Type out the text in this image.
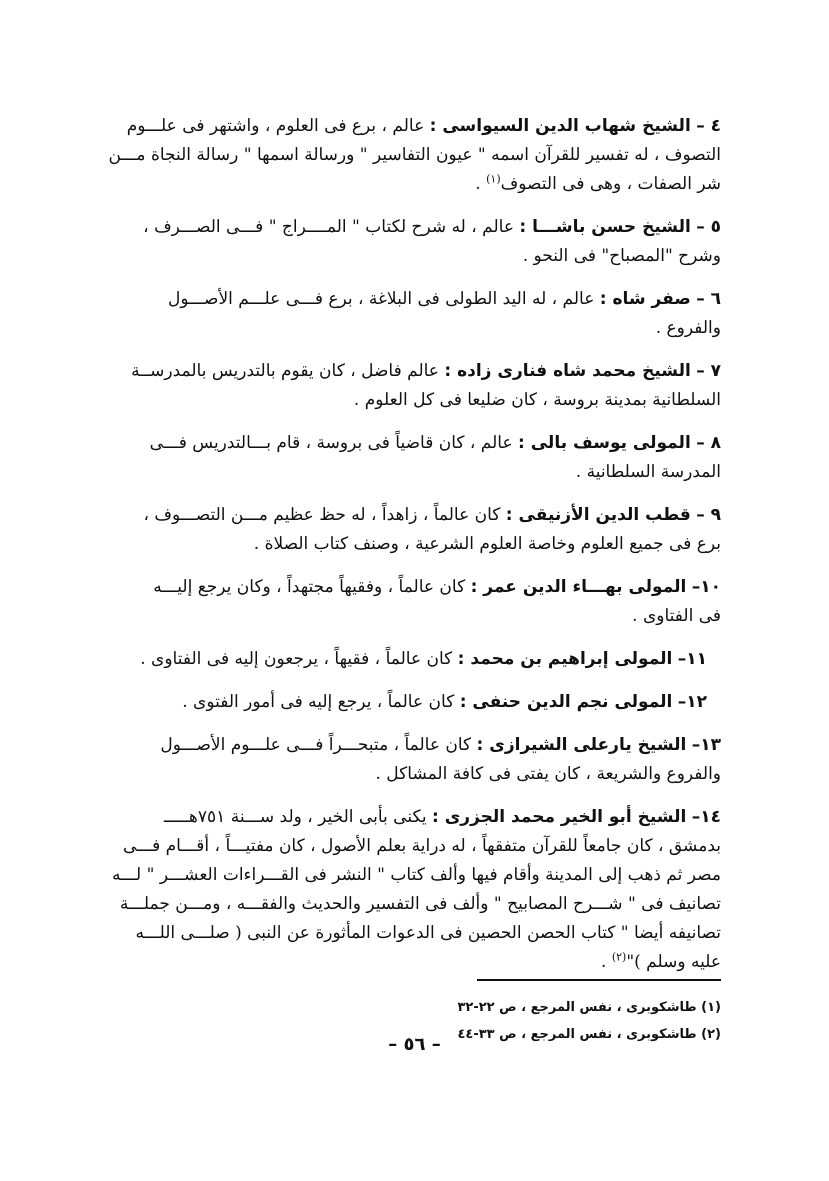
٤ – الشيخ شهاب الدين السيواسى : عالم ، برع فى العلوم ، واشتهر فى علـــوم

التصوف ، له تفسير للقرآن اسمه " عيون التفاسير " ورسالة اسمها " رسالة النجاة مـــن

شر الصفات ، وهى فى التصوف$^{(١)}$ .

٥ – الشيخ حسن باشـــا : عالم ، له شرح لكتاب " المــــراج " فـــى الصـــرف ،

وشرح "المصباح" فى النحو .

٦ – صفر شاه : عالم ، له اليد الطولى فى البلاغة ، برع فـــى علـــم الأصـــول

والفروع .

٧ – الشيخ محمد شاه فنارى زاده : عالم فاضل ، كان يقوم بالتدريس بالمدرســة

السلطانية بمدينة بروسة ، كان ضليعا فى كل العلوم .

٨ – المولى يوسف بالى : عالم ، كان قاضياً فى بروسة ، قام بـــالتدريس فـــى

المدرسة السلطانية .

٩ – قطب الدين الأزنيقى : كان عالماً ، زاهداً ، له حظ عظيم مـــن التصـــوف ،

برع فى جميع العلوم وخاصة العلوم الشرعية ، وصنف كتاب الصلاة .

١٠– المولى بهـــاء الدين عمر : كان عالماً ، وفقيهاً مجتهداً ، وكان يرجع إليـــه

فى الفتاوى .

١١– المولى إبراهيم بن محمد : كان عالماً ، فقيهاً ، يرجعون إليه فى الفتاوى .

١٢– المولى نجم الدين حنفى : كان عالماً ، يرجع إليه فى أمور الفتوى .

١٣– الشيخ يارعلى الشيرازى : كان عالماً ، متبحـــراً فـــى علـــوم الأصـــول

والفروع والشريعة ، كان يفتى فى كافة المشاكل .

١٤– الشيخ أبو الخير محمد الجزرى : يكنى بأبى الخير ، ولد ســـنة ٧٥١هـــــ

بدمشق ، كان جامعاً للقرآن متفقهاً ، له دراية بعلم الأصول ، كان مفتيـــاً ، أقـــام فـــى

مصر ثم ذهب إلى المدينة وأقام فيها وألف كتاب " النشر فى القـــراءات العشـــر " لـــه

تصانيف فى " شـــرح المصابيح " وألف فى التفسير والحديث والفقـــه ، ومـــن جملـــة

تصانيفه أيضا " كتاب الحصن الحصين فى الدعوات المأثورة عن النبى ( صلـــى اللـــه

عليه وسلم )"$^{(٢)}$ .

(١) طاشكوبرى ، نفس المرجع ، ص ٢٢-٣٢
(٢) طاشكوبرى ، نفس المرجع ، ص ٣٣-٤٤
– ٥٦ –
